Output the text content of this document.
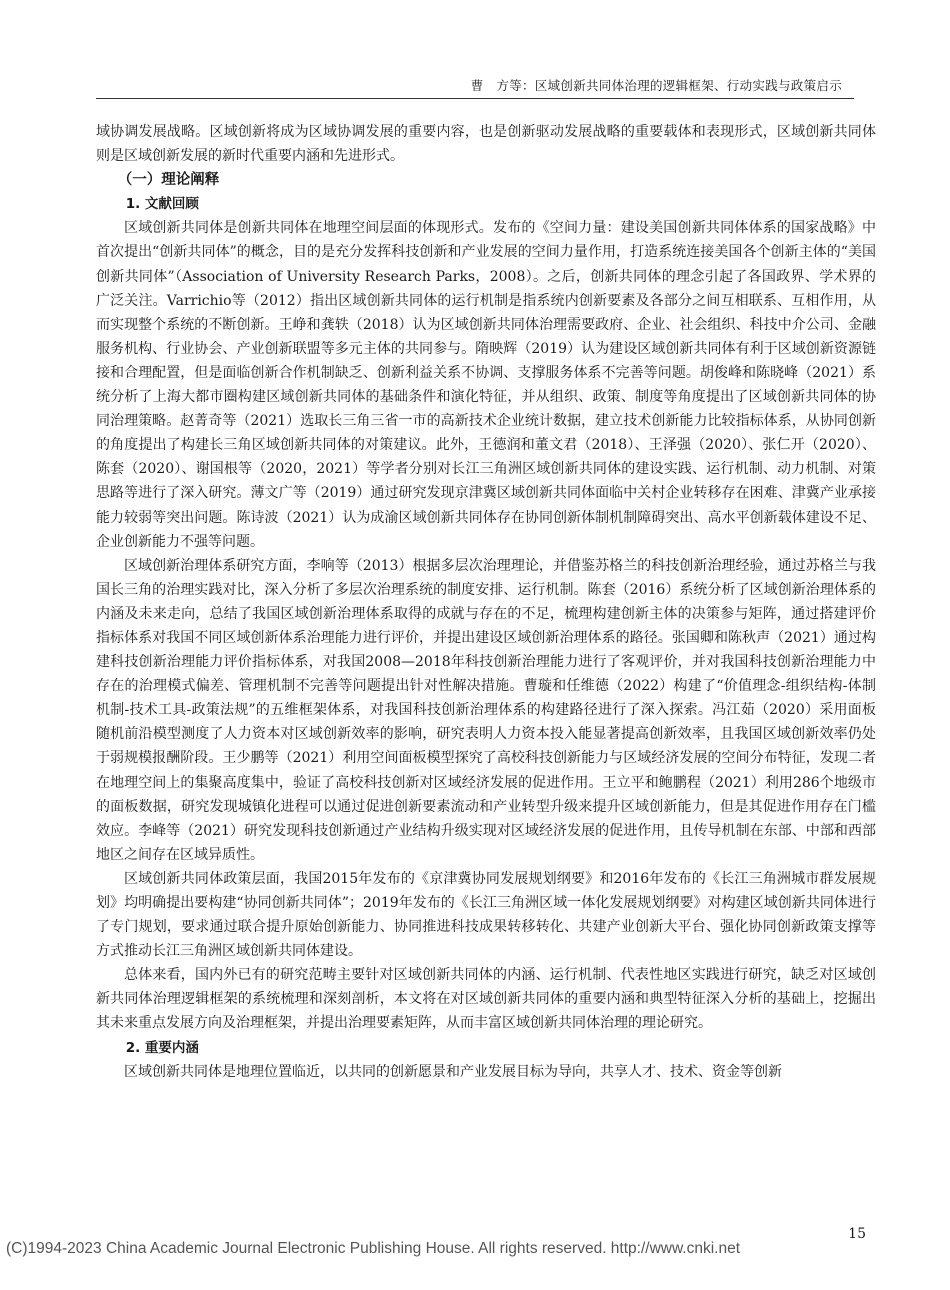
曹　方等：区域创新共同体治理的逻辑框架、行动实践与政策启示

域协调发展战略。区域创新将成为区域协调发展的重要内容，也是创新驱动发展战略的重要载体和表现形式，区域创新共同体则是区域创新发展的新时代重要内涵和先进形式。

（一）理论阐释
1. 文献回顾

区域创新共同体是创新共同体在地理空间层面的体现形式。发布的《空间力量：建设美国创新共同体体系的国家战略》中首次提出“创新共同体”的概念，目的是充分发挥科技创新和产业发展的空间力量作用，打造系统连接美国各个创新主体的“美国创新共同体”（Association of University Research Parks，2008）。之后，创新共同体的理念引起了各国政界、学术界的广泛关注。Varrichio等（2012）指出区域创新共同体的运行机制是指系统内创新要素及各部分之间互相联系、互相作用，从而实现整个系统的不断创新。王峥和龚轶（2018）认为区域创新共同体治理需要政府、企业、社会组织、科技中介公司、金融服务机构、行业协会、产业创新联盟等多元主体的共同参与。隋映辉（2019）认为建设区域创新共同体有利于区域创新资源链接和合理配置，但是面临创新合作机制缺乏、创新利益关系不协调、支撑服务体系不完善等问题。胡俊峰和陈晓峰（2021）系统分析了上海大都市圈构建区域创新共同体的基础条件和演化特征，并从组织、政策、制度等角度提出了区域创新共同体的协同治理策略。赵菁奇等（2021）选取长三角三省一市的高新技术企业统计数据，建立技术创新能力比较指标体系，从协同创新的角度提出了构建长三角区域创新共同体的对策建议。此外，王德润和董文君（2018）、王泽强（2020）、张仁开（2020）、陈套（2020）、谢国根等（2020，2021）等学者分别对长江三角洲区域创新共同体的建设实践、运行机制、动力机制、对策思路等进行了深入研究。薄文广等（2019）通过研究发现京津冀区域创新共同体面临中关村企业转移存在困难、津冀产业承接能力较弱等突出问题。陈诗波（2021）认为成渝区域创新共同体存在协同创新体制机制障碍突出、高水平创新载体建设不足、企业创新能力不强等问题。

区域创新治理体系研究方面，李响等（2013）根据多层次治理理论，并借鉴苏格兰的科技创新治理经验，通过苏格兰与我国长三角的治理实践对比，深入分析了多层次治理系统的制度安排、运行机制。陈套（2016）系统分析了区域创新治理体系的内涵及未来走向，总结了我国区域创新治理体系取得的成就与存在的不足，梳理构建创新主体的决策参与矩阵，通过搭建评价指标体系对我国不同区域创新体系治理能力进行评价，并提出建设区域创新治理体系的路径。张国卿和陈秋声（2021）通过构建科技创新治理能力评价指标体系，对我国2008—2018年科技创新治理能力进行了客观评价，并对我国科技创新治理能力中存在的治理模式偏差、管理机制不完善等问题提出针对性解决措施。曹璇和任维德（2022）构建了“价值理念-组织结构-体制机制-技术工具-政策法规”的五维框架体系，对我国科技创新治理体系的构建路径进行了深入探索。冯江茹（2020）采用面板随机前沿模型测度了人力资本对区域创新效率的影响，研究表明人力资本投入能显著提高创新效率，且我国区域创新效率仍处于弱规模报酬阶段。王少鹏等（2021）利用空间面板模型探究了高校科技创新能力与区域经济发展的空间分布特征，发现二者在地理空间上的集聚高度集中，验证了高校科技创新对区域经济发展的促进作用。王立平和鲍鹏程（2021）利用286个地级市的面板数据，研究发现城镇化进程可以通过促进创新要素流动和产业转型升级来提升区域创新能力，但是其促进作用存在门槛效应。李峰等（2021）研究发现科技创新通过产业结构升级实现对区域经济发展的促进作用，且传导机制在东部、中部和西部地区之间存在区域异质性。

区域创新共同体政策层面，我国2015年发布的《京津冀协同发展规划纲要》和2016年发布的《长江三角洲城市群发展规划》均明确提出要构建“协同创新共同体”；2019年发布的《长江三角洲区域一体化发展规划纲要》对构建区域创新共同体进行了专门规划，要求通过联合提升原始创新能力、协同推进科技成果转移转化、共建产业创新大平台、强化协同创新政策支撑等方式推动长江三角洲区域创新共同体建设。

总体来看，国内外已有的研究范畴主要针对区域创新共同体的内涵、运行机制、代表性地区实践进行研究，缺乏对区域创新共同体治理逻辑框架的系统梳理和深刻剖析，本文将在对区域创新共同体的重要内涵和典型特征深入分析的基础上，挖掘出其未来重点发展方向及治理框架，并提出治理要素矩阵，从而丰富区域创新共同体治理的理论研究。

2. 重要内涵

区域创新共同体是地理位置临近，以共同的创新愿景和产业发展目标为导向，共享人才、技术、资金等创新

15
(C)1994-2023 China Academic Journal Electronic Publishing House. All rights reserved. http://www.cnki.net
